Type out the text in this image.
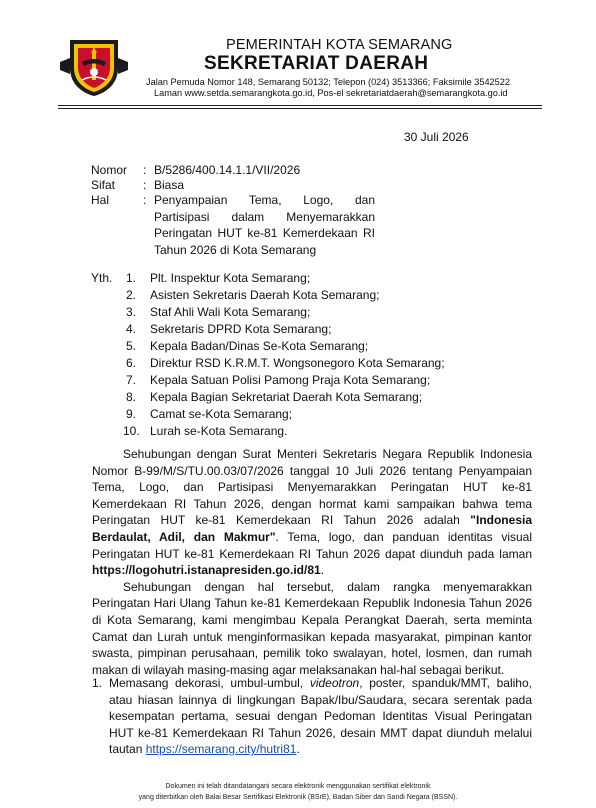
PEMERINTAH KOTA SEMARANG
SEKRETARIAT DAERAH
Jalan Pemuda Nomor 148, Semarang 50132; Telepon (024) 3513366; Faksimile 3542522
Laman www.setda.semarangkota.go.id, Pos-el sekretariatdaerah@semarangkota.go.id
30 Juli 2026
Nomor : B/5286/400.14.1.1/VII/2026
Sifat : Biasa
Hal	: Penyampaian Tema, Logo, dan Partisipasi dalam Menyemarakkan Peringatan HUT ke-81 Kemerdekaan RI Tahun 2026 di Kota Semarang
Yth. 1.	Plt. Inspektur Kota Semarang;
2.	Asisten Sekretaris Daerah Kota Semarang;
3.	Staf Ahli Wali Kota Semarang;
4.	Sekretaris DPRD Kota Semarang;
5.	Kepala Badan/Dinas Se-Kota Semarang;
6.	Direktur RSD K.R.M.T. Wongsonegoro Kota Semarang;
7.	Kepala Satuan Polisi Pamong Praja Kota Semarang;
8.	Kepala Bagian Sekretariat Daerah Kota Semarang;
9.	Camat se-Kota Semarang;
10. Lurah se-Kota Semarang.

Sehubungan dengan Surat Menteri Sekretaris Negara Republik Indonesia Nomor B-99/M/S/TU.00.03/07/2026 tanggal 10 Juli 2026 tentang Penyampaian Tema, Logo, dan Partisipasi Menyemarakkan Peringatan HUT ke-81 Kemerdekaan RI Tahun 2026, dengan hormat kami sampaikan bahwa tema Peringatan HUT ke-81 Kemerdekaan RI Tahun 2026 adalah "Indonesia Berdaulat, Adil, dan Makmur". Tema, logo, dan panduan identitas visual Peringatan HUT ke-81 Kemerdekaan RI Tahun 2026 dapat diunduh pada laman https://logohutri.istanapresiden.go.id/81.

Sehubungan dengan hal tersebut, dalam rangka menyemarakkan Peringatan Hari Ulang Tahun ke-81 Kemerdekaan Republik Indonesia Tahun 2026 di Kota Semarang, kami mengimbau Kepala Perangkat Daerah, serta meminta Camat dan Lurah untuk menginformasikan kepada masyarakat, pimpinan kantor swasta, pimpinan perusahaan, pemilik toko swalayan, hotel, losmen, dan rumah makan di wilayah masing-masing agar melaksanakan hal-hal sebagai berikut.

1. Memasang dekorasi, umbul-umbul, videotron, poster, spanduk/MMT, baliho, atau hiasan lainnya di lingkungan Bapak/Ibu/Saudara, secara serentak pada kesempatan pertama, sesuai dengan Pedoman Identitas Visual Peringatan HUT ke-81 Kemerdekaan RI Tahun 2026, desain MMT dapat diunduh melalui tautan https://semarang.city/hutri81.
Dokumen ini telah ditandatangani secara elektronik menggunakan sertifikat elektronik
yang diterbitkan oleh Balai Besar Sertifikasi Elektronik (BSrE), Badan Siber dan Sandi Negara (BSSN).
